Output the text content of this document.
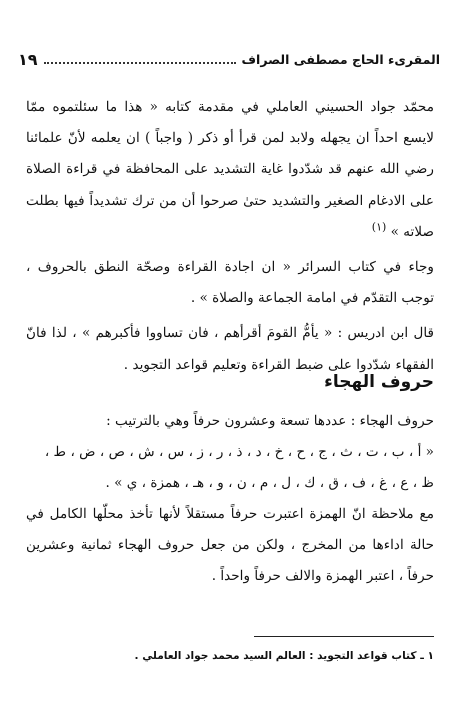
المقرىء الحاج مصطفى الصراف
١٩

محمّد جواد الحسيني العاملي في مقدمة كتابه « هذا ما سئلتموه ممّا لايسع احداً ان يجهله ولابد لمن قرأ أو ذكر ( واجباً ) ان يعلمه لأنّ علمائنا رضي الله عنهم قد شدّدوا غاية التشديد على المحافظة في قراءة الصلاة على الادغام الصغير والتشديد حتىٰ صرحوا أن من ترك تشديداً فيها بطلت صلاته » $^{(١)}$

وجاء في كتاب السرائر « ان اجادة القراءة وصحّة النطق بالحروف ، توجب التقدّم في امامة الجماعة والصلاة » .

قال ابن ادريس : « يأمُّ القومَ أقرأهم ، فان تساووا فأكبرهم » ، لذا فانّ الفقهاء شدّدوا على ضبط القراءة وتعليم قواعد التجويد .

حروف الهجاء

حروف الهجاء : عددها تسعة وعشرون حرفاً وهي بالترتيب :

« أ ، ب ، ت ، ث ، ج ، ح ، خ ، د ، ذ ، ر ، ز ، س ، ش ، ص ، ض ، ط ،

ظ ، ع ، غ ، ف ، ق ، ك ، ل ، م ، ن ، و ، هـ ، همزة ، ي » .

مع ملاحظة انّ الهمزة اعتبرت حرفاً مستقلاً لأنها تأخذ محلّها الكامل في حالة اداءها من المخرج ، ولكن من جعل حروف الهجاء ثمانية وعشرين حرفاً ، اعتبر الهمزة والالف حرفاً واحداً .

١ ـ كتاب قواعد التجويد : العالم السيد محمد جواد العاملي .
